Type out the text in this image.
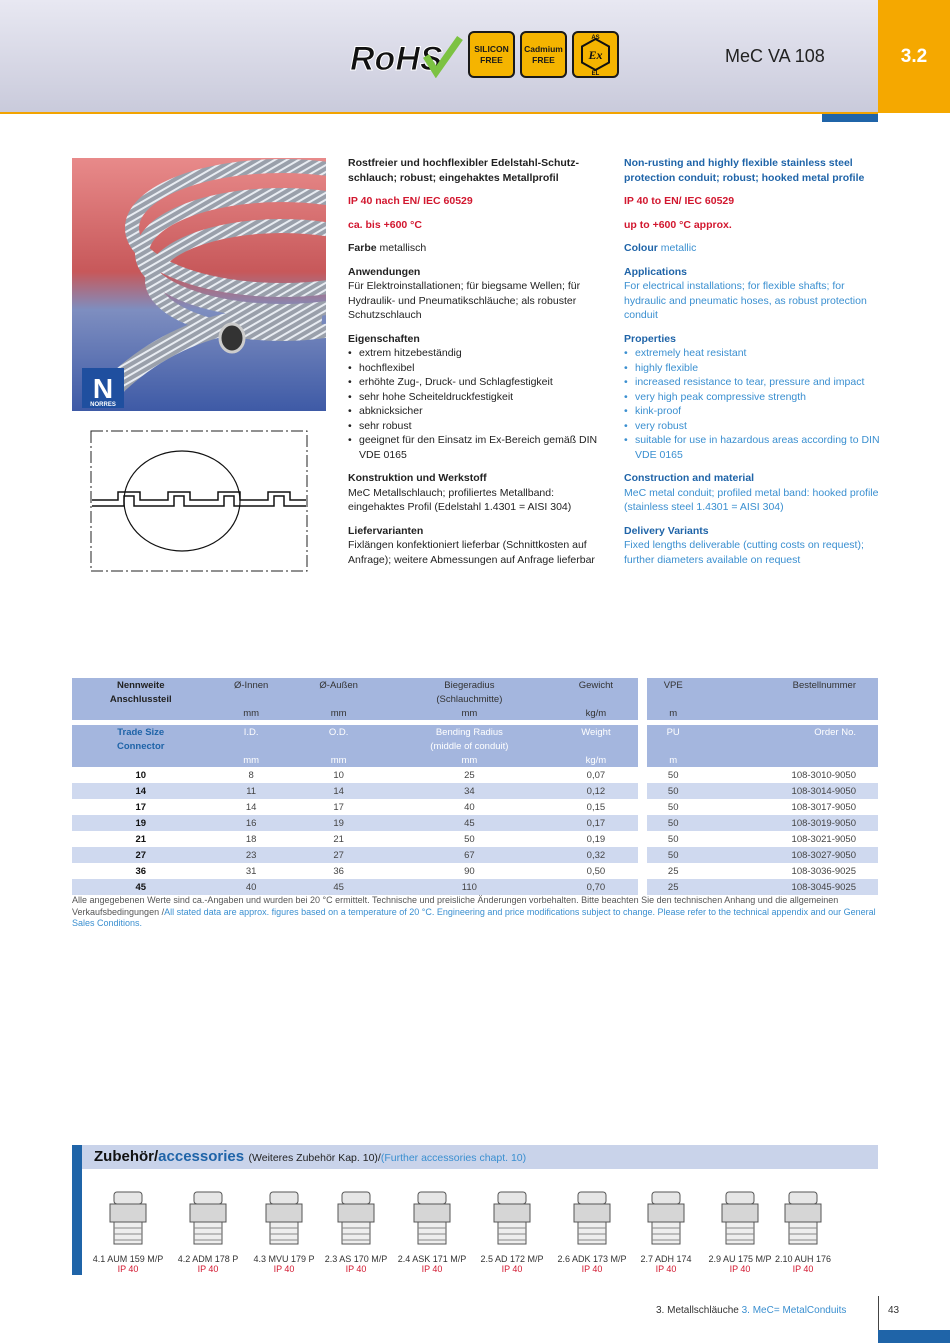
3.2
MeC VA 108
RoHS	SILICON
FREE
Cadmium
FREE
AS
Ex
EL
N
NORRES
Rostfreier und hochflexibler Edelstahl-Schutz-schlauch; robust; eingehaktes Metallprofil
IP 40 nach EN/ IEC 60529
ca. bis +600 °C
Farbe metallisch
Anwendungen
Für Elektroinstallationen; für biegsame Wellen; für Hydraulik- und Pneumatikschläuche; als robuster Schutzschlauch
Eigenschaften
• extrem hitzebeständig
• hochflexibel
• erhöhte Zug-, Druck- und Schlagfestigkeit
• sehr hohe Scheiteldruckfestigkeit
• abknicksicher
• sehr robust
• geeignet für den Einsatz im Ex-Bereich gemäß DIN VDE 0165
Konstruktion und Werkstoff
MeC Metallschlauch; profiliertes Metallband: eingehaktes Profil (Edelstahl 1.4301 = AISI 304)
Liefervarianten
Fixlängen konfektioniert lieferbar (Schnittkosten auf Anfrage); weitere Abmessungen auf Anfrage lieferbar
Non-rusting and highly flexible stainless steel protection conduit; robust; hooked metal profile
IP 40 to EN/ IEC 60529
up to +600 °C approx.
Colour metallic
Applications
For electrical installations; for flexible shafts; for hydraulic and pneumatic hoses, as robust protection conduit
Properties
• extremely heat resistant
• highly flexible
• increased resistance to tear, pressure and impact
• very high peak compressive strength
• kink-proof
• very robust
• suitable for use in hazardous areas according to DIN VDE 0165
Construction and material
MeC metal conduit; profiled metal band: hooked profile (stainless steel 1.4301 = AISI 304)
Delivery Variants
Fixed lengths deliverable (cutting costs on request); further diameters available on request
Nennweite	Ø-Innen	Ø-Außen	Biegeradius	Gewicht		VPE	Bestellnummer
Anschlussteil			(Schlauchmitte)				
	mm	mm	mm	kg/m		m	

Trade Size	I.D.	O.D.	Bending Radius	Weight		PU	Order No.
Connector			(middle of conduit)				
	mm	mm	mm	kg/m		m	
10	8	10	25	0,07		50	108-3010-9050
14	11	14	34	0,12		50	108-3014-9050
17	14	17	40	0,15		50	108-3017-9050
19	16	19	45	0,17		50	108-3019-9050
21	18	21	50	0,19		50	108-3021-9050
27	23	27	67	0,32		50	108-3027-9050
36	31	36	90	0,50		25	108-3036-9025
45	40	45	110	0,70		25	108-3045-9025
Alle angegebenen Werte sind ca.-Angaben und wurden bei 20 °C ermittelt. Technische und preisliche Änderungen vorbehalten. Bitte beachten Sie den technischen Anhang und die allgemeinen Verkaufsbedingungen /All stated data are approx. figures based on a temperature of 20 °C. Engineering and price modifications subject to change. Please refer to the technical appendix and our General Sales Conditions.
Zubehör/accessories (Weiteres Zubehör Kap. 10)/(Further accessories chapt. 10)
4.1 AUM 159 M/P
IP 40
4.2 ADM 178 P
IP 40
4.3 MVU 179 P
IP 40
2.3 AS 170 M/P
IP 40
2.4 ASK 171 M/P
IP 40
2.5 AD 172 M/P
IP 40
2.6 ADK 173 M/P
IP 40
2.7 ADH 174
IP 40
2.9 AU 175 M/P
IP 40
2.10 AUH 176
IP 40
3. Metallschläuche 3. MeC= MetalConduits	43
